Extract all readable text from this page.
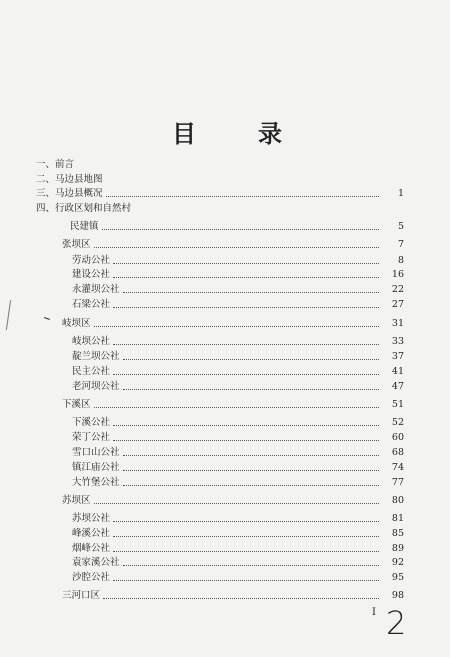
目	录
一、前言
二、马边县地图
三、马边县概况	1
四、行政区划和自然村
民建镇	5
张坝区	7
劳动公社	8
建设公社	16
永灌坝公社	22
石梁公社	27
岐坝区	31
岐坝公社	33
靛兰坝公社	37
民主公社	41
老河坝公社	47
下溪区	51
下溪公社	52
荣丁公社	60
雪口山公社	68
镇江庙公社	74
大竹堡公社	77
苏坝区	80
苏坝公社	81
峰溪公社	85
烟峰公社	89
袁家溪公社	92
沙腔公社	95
三河口区	98
I 2
